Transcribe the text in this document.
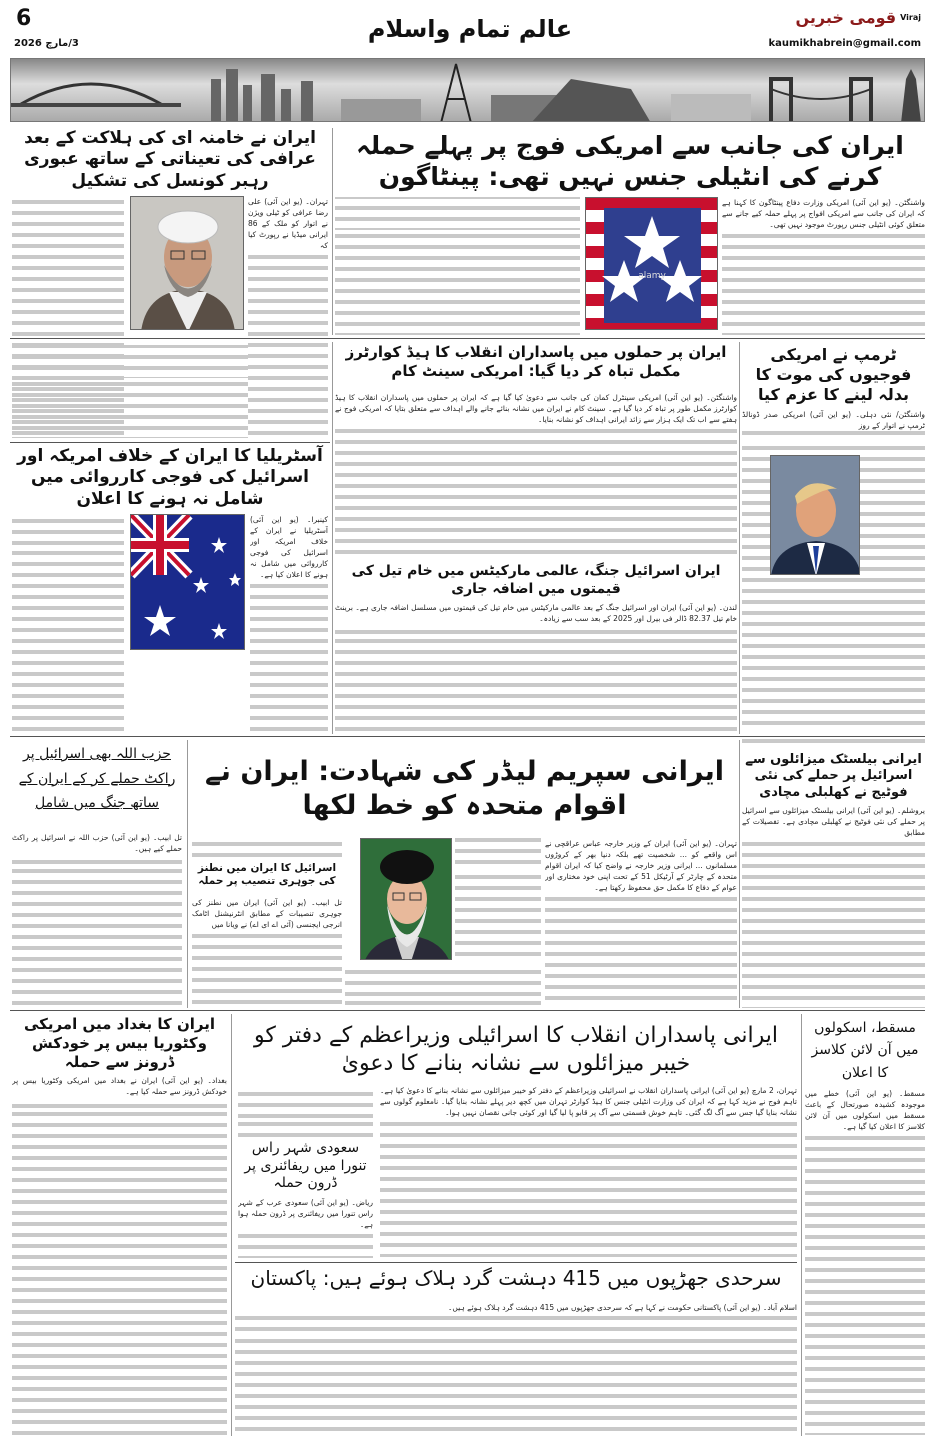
قومی خبریں Viraj
kaumikhabrein@gmail.com
عالم تمام واسلام
6
3/مارچ 2026
ایران کی جانب سے امریکی فوج پر پہلے حملہ کرنے کی انٹیلی جنس نہیں تھی: پینٹاگون
واشنگٹن۔ (یو این آئی) امریکی وزارت دفاع پینٹاگون کا کہنا ہے کہ ایران کی جانب سے امریکی افواج پر پہلے حملہ کیے جانے سے متعلق کوئی انٹیلی جنس رپورٹ موجود نہیں تھی۔
alamy
ایران نے خامنہ ای کی ہلاکت کے بعد عرافی کی تعیناتی کے ساتھ عبوری رہبر کونسل کی تشکیل
تہران۔ (یو این آئی) علی رضا عرافی کو ٹیلی ویژن نے اتوار کو ملک کے 86 ایرانی میڈیا نے رپورٹ کیا کہ
ٹرمپ نے امریکی فوجیوں کی موت کا بدلہ لینے کا عزم کیا
واشنگٹن/ نئی دہلی۔ (یو این آئی) امریکی صدر ڈونالڈ ٹرمپ نے اتوار کے روز
ایران پر حملوں میں پاسداران انقلاب کا ہیڈ کوارٹرز مکمل تباہ کر دیا گیا: امریکی سینٹ کام
واشنگٹن۔ (یو این آئی) امریکی سینٹرل کمان کی جانب سے دعویٰ کیا گیا ہے کہ ایران پر حملوں میں پاسداران انقلاب کا ہیڈ کوارٹرز مکمل طور پر تباہ کر دیا گیا ہے۔ سینٹ کام نے ایران میں نشانہ بنائے جانے والے اہداف سے متعلق بتایا کہ امریکی فوج نے ہفتے سے اب تک ایک ہزار سے زائد ایرانی اہداف کو نشانہ بنایا۔
ایران اسرائیل جنگ، عالمی مارکیٹس میں خام تیل کی قیمتوں میں اضافہ جاری
لندن۔ (یو این آئی) ایران اور اسرائیل جنگ کے بعد عالمی مارکیٹس میں خام تیل کی قیمتوں میں مسلسل اضافہ جاری ہے۔ برینٹ خام تیل 82.37 ڈالر فی بیرل اور 2025 کے بعد سب سے زیادہ۔
آسٹریلیا کا ایران کے خلاف امریکہ اور اسرائیل کی فوجی کارروائی میں شامل نہ ہونے کا اعلان
کینبرا۔ (یو این آئی) آسٹریلیا نے ایران کے خلاف امریکہ اور اسرائیل کی فوجی کارروائی میں شامل نہ ہونے کا اعلان کیا ہے۔
ایرانی بیلسٹک میزائلوں سے اسرائیل پر حملے کی نئی فوٹیج نے کھلبلی مچادی
یروشلم۔ (یو این آئی) ایرانی بیلسٹک میزائلوں سے اسرائیل پر حملے کی نئی فوٹیج نے کھلبلی مچادی ہے۔ تفصیلات کے مطابق
ایرانی سپریم لیڈر کی شہادت: ایران نے اقوام متحدہ کو خط لکھا
تہران۔ (یو این آئی) ایران کے وزیر خارجہ عباس عراقچی نے اس واقعے کو ... شخصیت تھے بلکہ دنیا بھر کے کروڑوں مسلمانوں ... ایرانی وزیر خارجہ نے واضح کیا کہ ایران اقوام متحدہ کے چارٹر کے آرٹیکل 51 کے تحت اپنی خود مختاری اور عوام کے دفاع کا مکمل حق محفوظ رکھتا ہے۔
اسرائیل کا ایران میں نطنز کی جوہری تنصیب پر حملہ
تل ابیب۔ (یو این آئی) ایران میں نطنز کی جوہری تنصیبات کے مطابق انٹرنیشنل اٹامک انرجی ایجنسی (آئی اے ای اے) نے ویانا میں
حزب اللہ بھی اسرائیل پر راکٹ حملے کر کے ایران کے ساتھ جنگ میں شامل
تل ابیب۔ (یو این آئی) حزب اللہ نے اسرائیل پر راکٹ حملے کیے ہیں۔
مسقط، اسکولوں میں آن لائن کلاسز کا اعلان
مسقط۔ (یو این آئی) خطے میں موجودہ کشیدہ صورتحال کے باعث مسقط میں اسکولوں میں آن لائن کلاسز کا اعلان کیا گیا ہے۔
ایرانی پاسداران انقلاب کا اسرائیلی وزیراعظم کے دفتر کو خیبر میزائلوں سے نشانہ بنانے کا دعویٰ
تہران، 2 مارچ (یو این آئی) ایرانی پاسداران انقلاب نے اسرائیلی وزیراعظم کے دفتر کو خیبر میزائلوں سے نشانہ بنانے کا دعویٰ کیا ہے۔ تاہم فوج نے مزید کہا ہے کہ ایران کی وزارت انٹیلی جنس کا ہیڈ کوارٹر تہران میں کچھ دیر پہلے نشانہ بنایا گیا۔ نامعلوم گولوں سے نشانہ بنایا گیا جس سے آگ لگ گئی۔ تاہم خوش قسمتی سے آگ پر قابو پا لیا گیا اور کوئی جانی نقصان نہیں ہوا۔
سعودی شہر راس تنورا میں ریفائنری پر ڈرون حملہ
ریاض۔ (یو این آئی) سعودی عرب کے شہر راس تنورا میں ریفائنری پر ڈرون حملہ ہوا ہے۔
سرحدی جھڑپوں میں 415 دہشت گرد ہلاک ہوئے ہیں: پاکستان
اسلام آباد۔ (یو این آئی) پاکستانی حکومت نے کہا ہے کہ سرحدی جھڑپوں میں 415 دہشت گرد ہلاک ہوئے ہیں۔
ایران کا بغداد میں امریکی وکٹوریا بیس پر خودکش ڈرونز سے حملہ
بغداد۔ (یو این آئی) ایران نے بغداد میں امریکی وکٹوریا بیس پر خودکش ڈرونز سے حملہ کیا ہے۔
